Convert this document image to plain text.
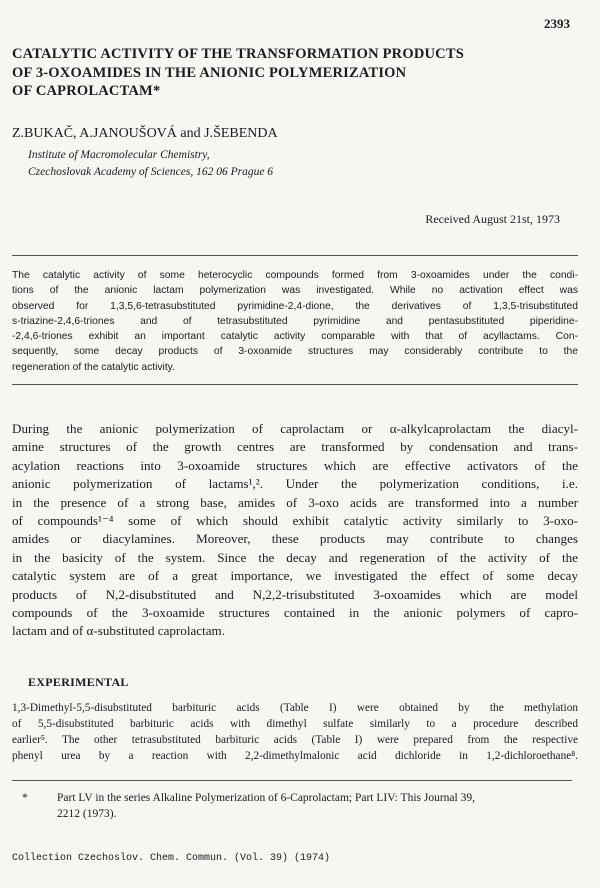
2393
CATALYTIC ACTIVITY OF THE TRANSFORMATION PRODUCTS
OF 3-OXOAMIDES IN THE ANIONIC POLYMERIZATION
OF CAPROLACTAM*
Z.BUKAČ, A.JANOUŠOVÁ and J.ŠEBENDA
Institute of Macromolecular Chemistry,
Czechoslovak Academy of Sciences, 162 06 Prague 6
Received August 21st, 1973
The catalytic activity of some heterocyclic compounds formed from 3-oxoamides under the condi-
tions of the anionic lactam polymerization was investigated. While no activation effect was
observed for 1,3,5,6-tetrasubstituted pyrimidine-2,4-dione, the derivatives of 1,3,5-trisubstituted
s-triazine-2,4,6-triones and of tetrasubstituted pyrimidine and pentasubstituted piperidine-
-2,4,6-triones exhibit an important catalytic activity comparable with that of acyllactams. Con-
sequently, some decay products of 3-oxoamide structures may considerably contribute to the
regeneration of the catalytic activity.
During the anionic polymerization of caprolactam or α-alkylcaprolactam the diacyl-
amine structures of the growth centres are transformed by condensation and trans-
acylation reactions into 3-oxoamide structures which are effective activators of the
anionic polymerization of lactams¹,². Under the polymerization conditions, i.e.
in the presence of a strong base, amides of 3-oxo acids are transformed into a number
of compounds¹⁻⁴ some of which should exhibit catalytic activity similarly to 3-oxo-
amides or diacylamines. Moreover, these products may contribute to changes
in the basicity of the system. Since the decay and regeneration of the activity of the
catalytic system are of a great importance, we investigated the effect of some decay
products of N,2-disubstituted and N,2,2-trisubstituted 3-oxoamides which are model
compounds of the 3-oxoamide structures contained in the anionic polymers of capro-
lactam and of α-substituted caprolactam.
EXPERIMENTAL
1,3-Dimethyl-5,5-disubstituted barbituric acids (Table I) were obtained by the methylation
of 5,5-disubstituted barbituric acids with dimethyl sulfate similarly to a procedure described
earlier⁵. The other tetrasubstituted barbituric acids (Table I) were prepared from the respective
phenyl urea by a reaction with 2,2-dimethylmalonic acid dichloride in 1,2-dichloroethane⁸.
*	Part LV in the series Alkaline Polymerization of 6-Caprolactam; Part LIV: This Journal 39,
2212 (1973).
Collection Czechoslov. Chem. Commun. (Vol. 39) (1974)
